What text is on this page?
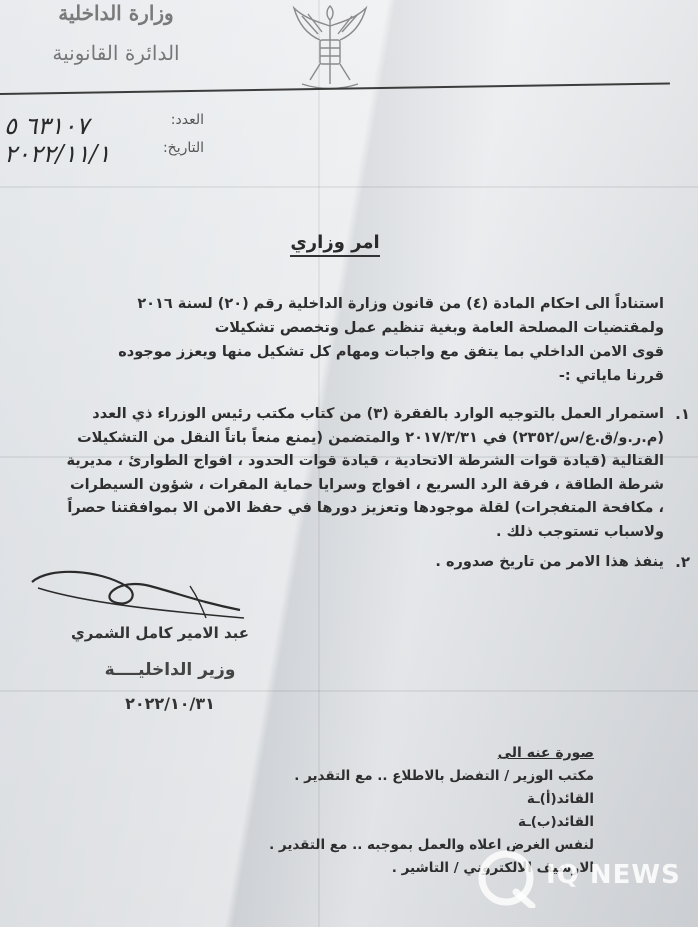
وزارة الداخلية
الدائرة القانونية
العدد:
٦٣١٠٧ ٥
التاريخ:
٢٠٢٢/١١/١
امر وزاري

استناداً الى احكام المادة (٤) من قانون وزارة الداخلية رقم (٢٠) لسنة ٢٠١٦

ولمقتضيات المصلحة العامة وبغية تنظيم عمل وتخصص تشكيلات

قوى الامن الداخلي بما يتفق مع واجبات ومهام كل تشكيل منها ويعزز موجوده

قررنا ماياتي :-

١.
استمرار العمل بالتوجيه الوارد بالفقرة (٣) من كتاب مكتب رئيس الوزراء ذي العدد (م.ر.و/ق.ع/س/٢٣٥٢) في ٢٠١٧/٣/٣١ والمتضمن (يمنع منعاً باتاً النقل من التشكيلات القتالية (قيادة قوات الشرطة الاتحادية ، قيادة قوات الحدود ، افواج الطوارئ ، مديرية شرطة الطاقة ، فرقة الرد السريع ، افواج وسرايا حماية المقرات ، شؤون السيطرات ، مكافحة المتفجرات) لقلة موجودها وتعزيز دورها في حفظ الامن الا بموافقتنا حصراً ولاسباب تستوجب ذلك .
٢.
ينفذ هذا الامر من تاريخ صدوره .
عبد الامير كامل الشمري
وزير الداخليــــة
٢٠٢٢/١٠/٣١
صورة عنه الى
مكتب الوزير / التفضل بالاطلاع .. مع التقدير .
القائد(أ)ـة
القائد(ب)ـة
لنفس الغرض اعلاه والعمل بموجبه .. مع التقدير .
الارشيف الالكتروني / التاشير .
IQ NEWS
